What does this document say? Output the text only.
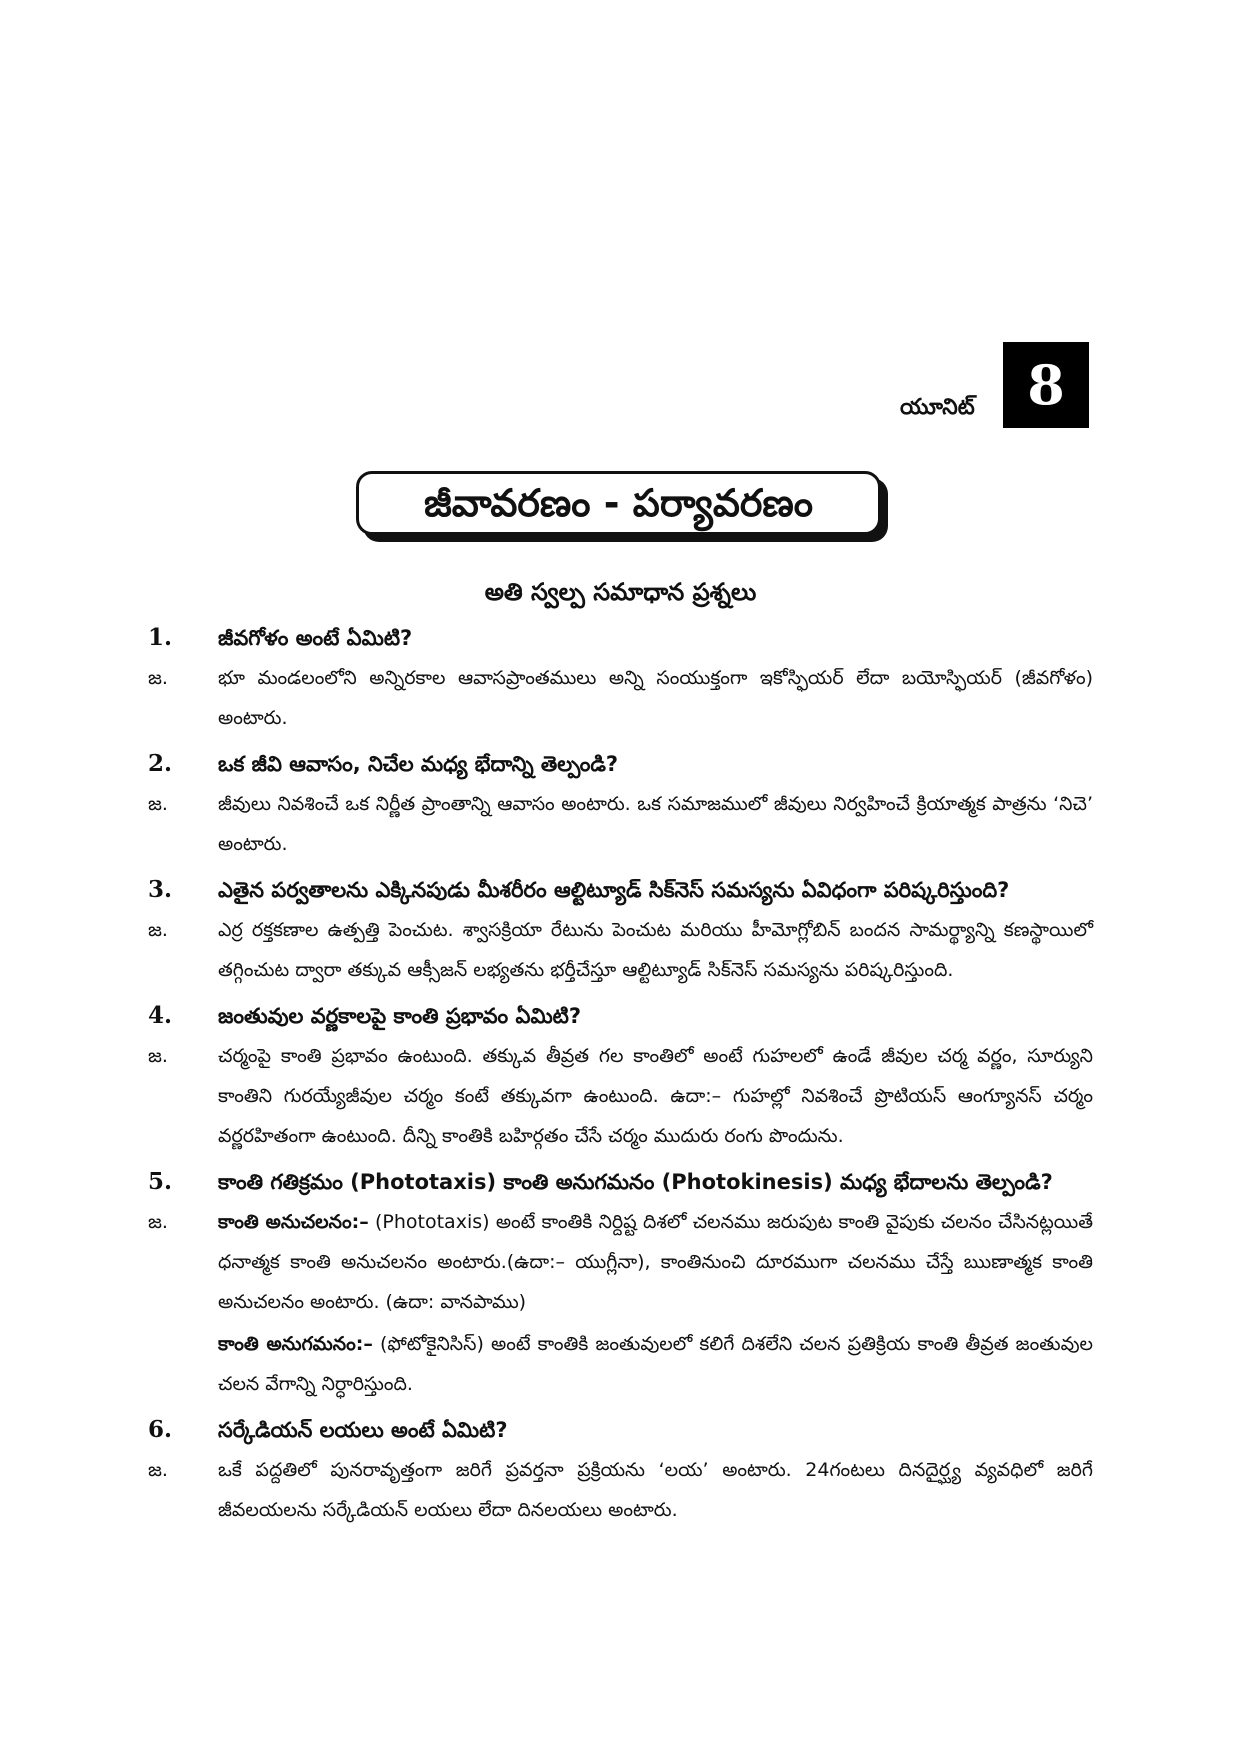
యూనిట్ 8
జీవావరణం - పర్యావరణం
అతి స్వల్ప సమాధాన ప్రశ్నలు
1.	జీవగోళం అంటే ఏమిటి?
జ.	భూ మండలంలోని అన్నిరకాల ఆవాసప్రాంతములు అన్ని సంయుక్తంగా ఇకోస్ఫియర్ లేదా బయోస్ఫియర్ (జీవగోళం) అంటారు.

2.	ఒక జీవి ఆవాసం, నిచేల మధ్య భేదాన్ని తెల్పండి?
జ.	జీవులు నివశించే ఒక నిర్ణీత ప్రాంతాన్ని ఆవాసం అంటారు. ఒక సమాజములో జీవులు నిర్వహించే క్రియాత్మక పాత్రను ‘నిచె’ అంటారు.

3.	ఎతైన పర్వతాలను ఎక్కినపుడు మీశరీరం ఆల్టిట్యూడ్ సిక్‌నెస్ సమస్యను ఏవిధంగా పరిష్కరిస్తుంది?
జ.	ఎర్ర రక్తకణాల ఉత్పత్తి పెంచుట. శ్వాసక్రియా రేటును పెంచుట మరియు హీమోగ్లోబిన్ బందన సామర్థ్యాన్ని కణస్థాయిలో తగ్గించుట ద్వారా తక్కువ ఆక్సీజన్ లభ్యతను భర్తీచేస్తూ ఆల్టిట్యూడ్ సిక్‌నెస్ సమస్యను పరిష్కరిస్తుంది.

4.	జంతువుల వర్ణకాలపై కాంతి ప్రభావం ఏమిటి?
జ.	చర్మంపై కాంతి ప్రభావం ఉంటుంది. తక్కువ తీవ్రత గల కాంతిలో అంటే గుహలలో ఉండే జీవుల చర్మ వర్ణం, సూర్యుని కాంతిని గురయ్యేజీవుల చర్మం కంటే తక్కువగా ఉంటుంది. ఉదా:– గుహల్లో నివశించే ప్రొటియస్ ఆంగ్యూనస్ చర్మం వర్ణరహితంగా ఉంటుంది. దీన్ని కాంతికి బహిర్గతం చేసే చర్మం ముదురు రంగు పొందును.

5.	కాంతి గతిక్రమం (Phototaxis) కాంతి అనుగమనం (Photokinesis) మధ్య భేదాలను తెల్పండి?
జ.	కాంతి అనుచలనం:– (Phototaxis) అంటే కాంతికి నిర్దిష్ట దిశలో చలనము జరుపుట కాంతి వైపుకు చలనం చేసినట్లయితే ధనాత్మక కాంతి అనుచలనం అంటారు.(ఉదా:– యుగ్లీనా), కాంతినుంచి దూరముగా చలనము చేస్తే ఋణాత్మక కాంతి అనుచలనం అంటారు. (ఉదా: వానపాము)

కాంతి అనుగమనం:– (ఫోటోకైనిసిస్) అంటే కాంతికి జంతువులలో కలిగే దిశలేని చలన ప్రతిక్రియ కాంతి తీవ్రత జంతువుల చలన వేగాన్ని నిర్ధారిస్తుంది.

6.	సర్కేడియన్ లయలు అంటే ఏమిటి?
జ.	ఒకే పద్దతిలో పునరావృత్తంగా జరిగే ప్రవర్తనా ప్రక్రియను ‘లయ’ అంటారు. 24గంటలు దినదైర్ఘ్య వ్యవధిలో జరిగే జీవలయలను సర్కేడియన్ లయలు లేదా దినలయలు అంటారు.
